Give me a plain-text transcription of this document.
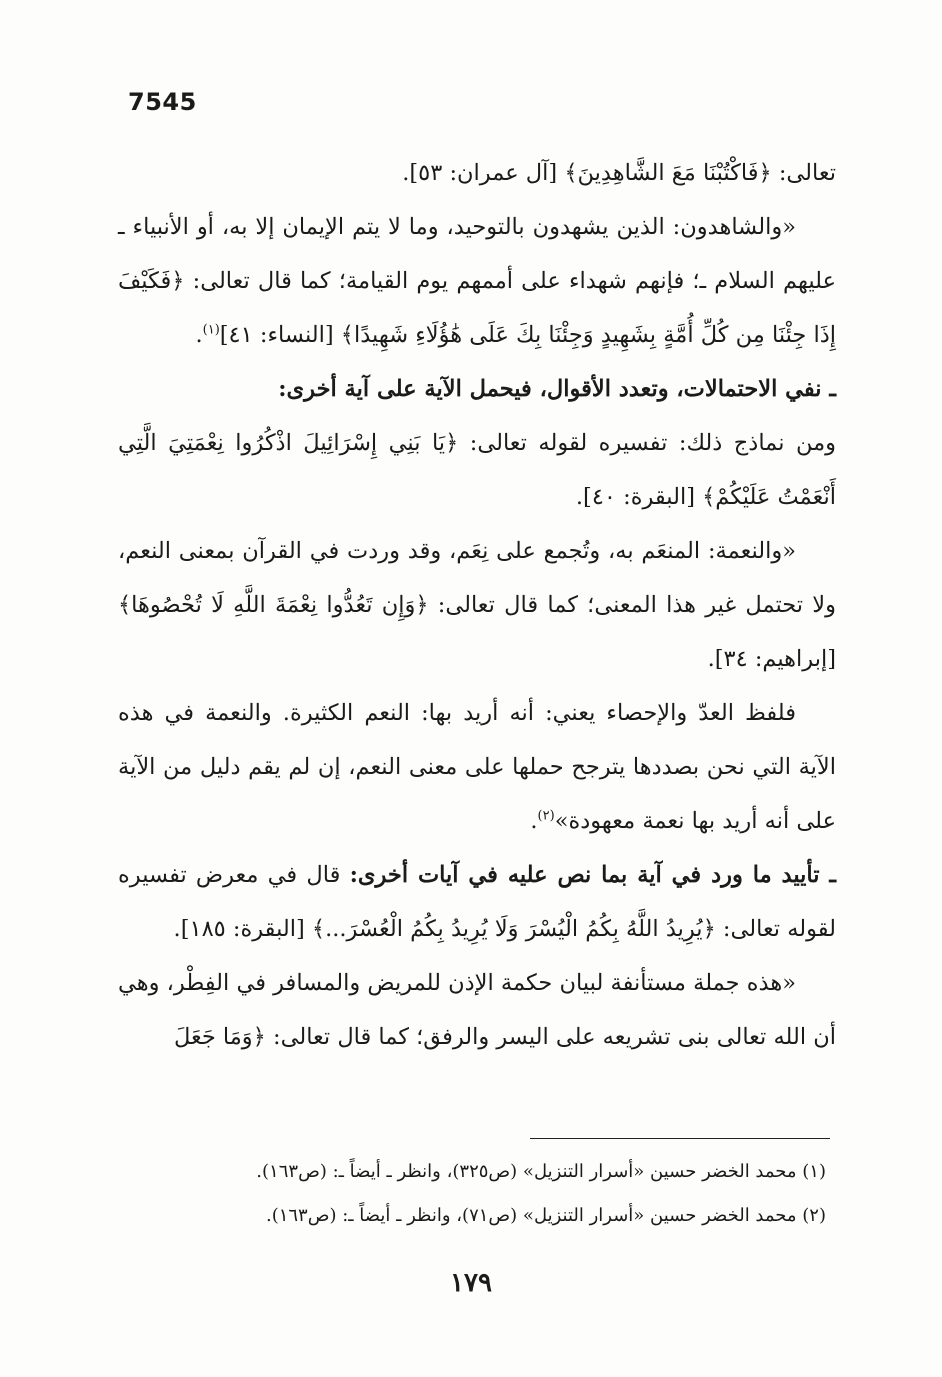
7545

تعالى: ﴿فَاكْتُبْنَا مَعَ الشَّاهِدِينَ﴾ [آل عمران: ٥٣].

«والشاهدون: الذين يشهدون بالتوحيد، وما لا يتم الإيمان إلا به، أو الأنبياء ـ عليهم السلام ـ؛ فإنهم شهداء على أممهم يوم القيامة؛ كما قال تعالى: ﴿فَكَيْفَ إِذَا جِئْنَا مِن كُلِّ أُمَّةٍ بِشَهِيدٍ وَجِئْنَا بِكَ عَلَى هَٰؤُلَاءِ شَهِيدًا﴾ [النساء: ٤١]$^{(١)}$.

ـ نفي الاحتمالات، وتعدد الأقوال، فيحمل الآية على آية أخرى:

ومن نماذج ذلك: تفسيره لقوله تعالى: ﴿يَا بَنِي إِسْرَائِيلَ اذْكُرُوا نِعْمَتِيَ الَّتِي أَنْعَمْتُ عَلَيْكُمْ﴾ [البقرة: ٤٠].

«والنعمة: المنعَم به، وتُجمع على نِعَم، وقد وردت في القرآن بمعنى النعم، ولا تحتمل غير هذا المعنى؛ كما قال تعالى: ﴿وَإِن تَعُدُّوا نِعْمَةَ اللَّهِ لَا تُحْصُوهَا﴾ [إبراهيم: ٣٤].

فلفظ العدّ والإحصاء يعني: أنه أريد بها: النعم الكثيرة. والنعمة في هذه الآية التي نحن بصددها يترجح حملها على معنى النعم، إن لم يقم دليل من الآية على أنه أريد بها نعمة معهودة»$^{(٢)}$.

ـ تأييد ما ورد في آية بما نص عليه في آيات أخرى: قال في معرض تفسيره لقوله تعالى: ﴿يُرِيدُ اللَّهُ بِكُمُ الْيُسْرَ وَلَا يُرِيدُ بِكُمُ الْعُسْرَ...﴾ [البقرة: ١٨٥].

«هذه جملة مستأنفة لبيان حكمة الإذن للمريض والمسافر في الفِطْر، وهي أن الله تعالى بنى تشريعه على اليسر والرفق؛ كما قال تعالى: ﴿وَمَا جَعَلَ

(١) محمد الخضر حسين «أسرار التنزيل» (ص٣٢٥)، وانظر ـ أيضاً ـ: (ص١٦٣).

(٢) محمد الخضر حسين «أسرار التنزيل» (ص٧١)، وانظر ـ أيضاً ـ: (ص١٦٣).

١٧٩
